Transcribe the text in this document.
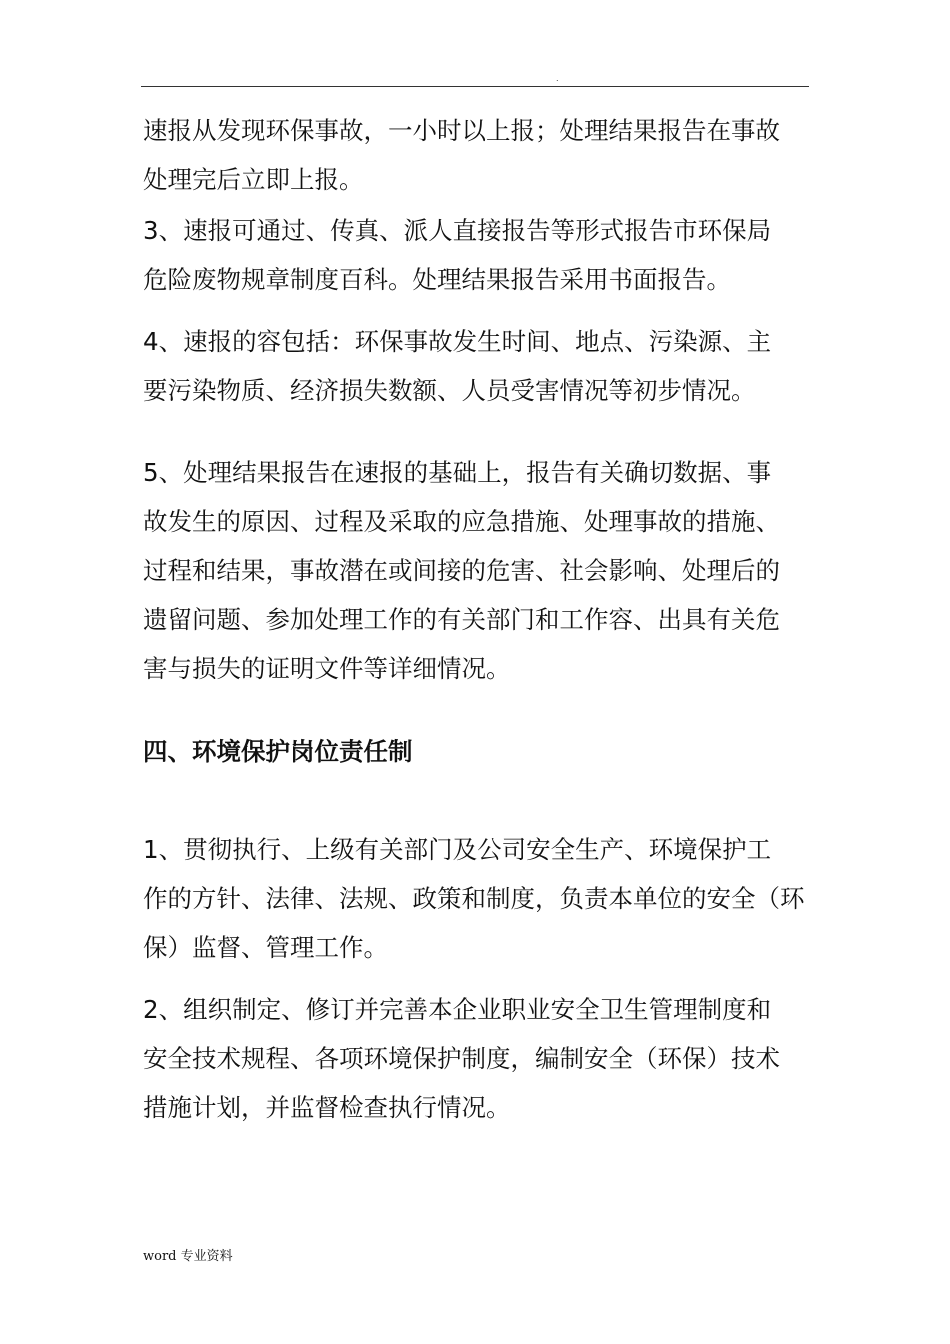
.

速报从发现环保事故，一小时以上报；处理结果报告在事故
处理完后立即上报。

3、速报可通过、传真、派人直接报告等形式报告市环保局
危险废物规章制度百科。处理结果报告采用书面报告。

4、速报的容包括：环保事故发生时间、地点、污染源、主
要污染物质、经济损失数额、人员受害情况等初步情况。

5、处理结果报告在速报的基础上，报告有关确切数据、事
故发生的原因、过程及采取的应急措施、处理事故的措施、
过程和结果，事故潜在或间接的危害、社会影响、处理后的
遗留问题、参加处理工作的有关部门和工作容、出具有关危
害与损失的证明文件等详细情况。

四、环境保护岗位责任制

1、贯彻执行、上级有关部门及公司安全生产、环境保护工
作的方针、法律、法规、政策和制度，负责本单位的安全（环
保）监督、管理工作。

2、组织制定、修订并完善本企业职业安全卫生管理制度和
安全技术规程、各项环境保护制度，编制安全（环保）技术
措施计划，并监督检查执行情况。

word 专业资料
